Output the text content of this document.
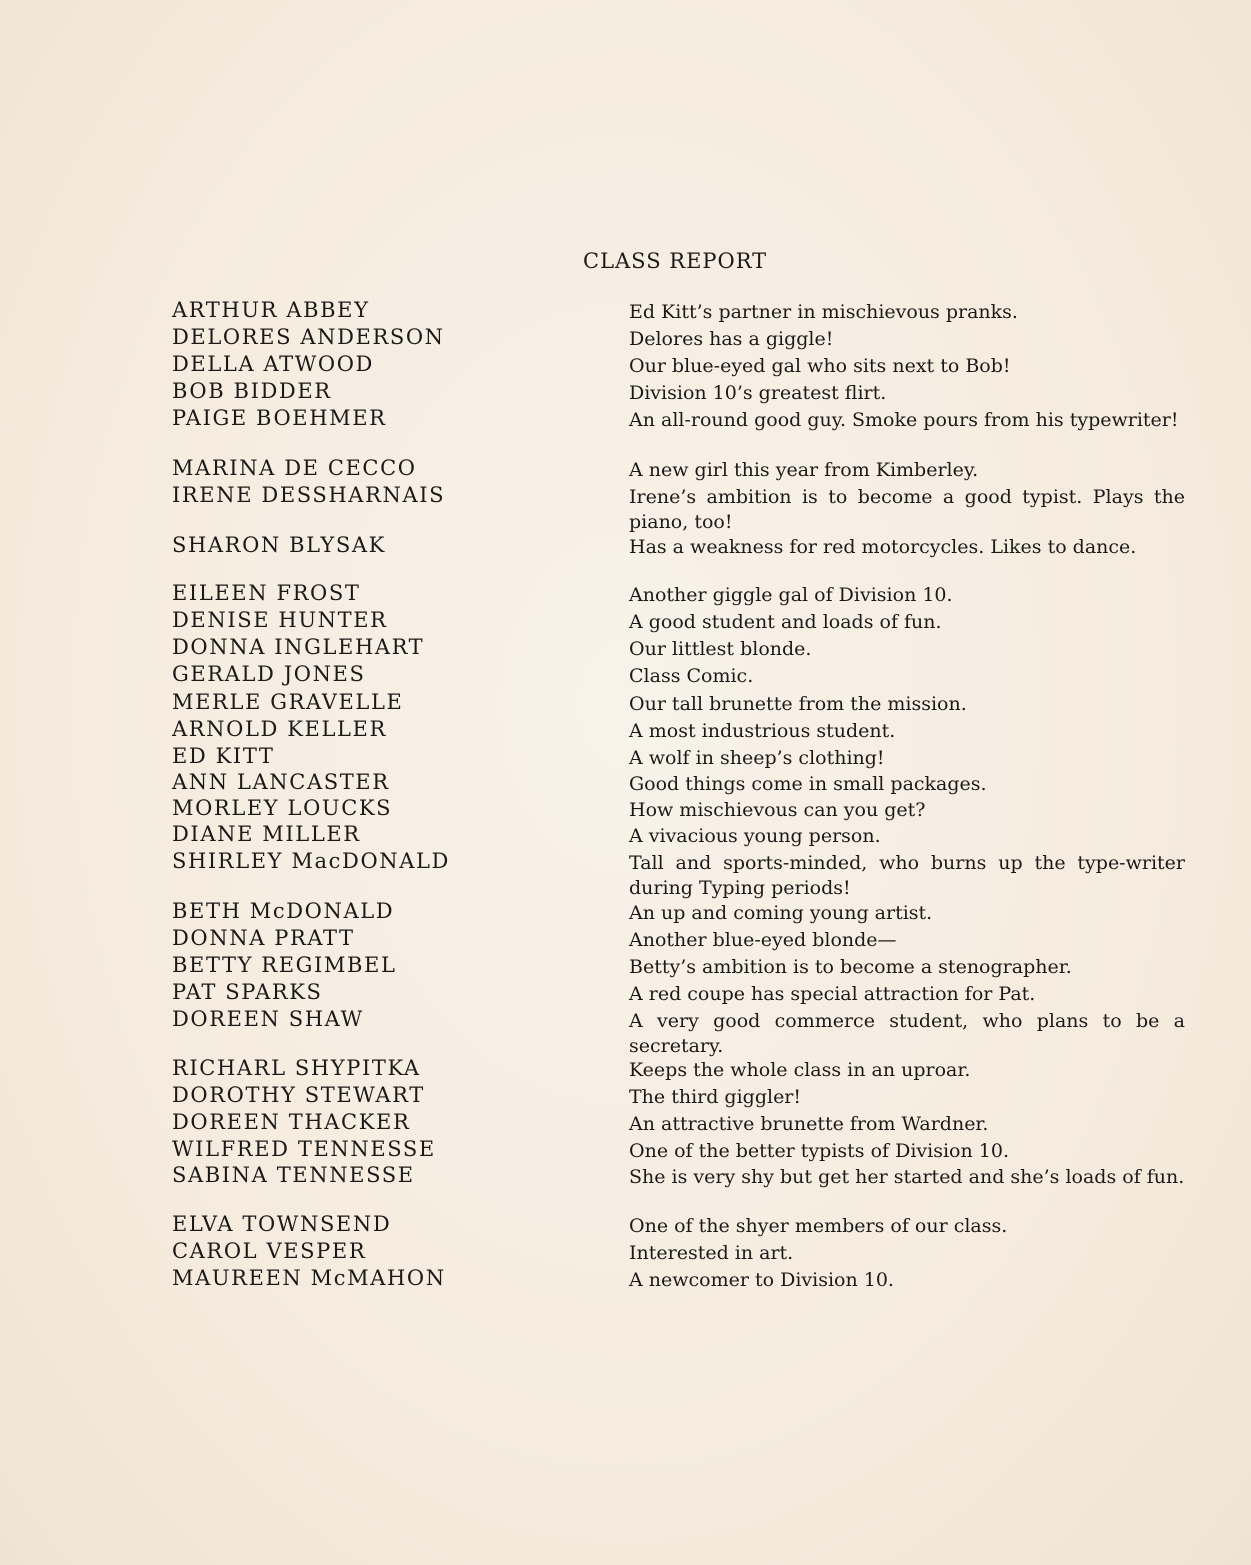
CLASS REPORT
ARTHUR ABBEY	Ed Kitt’s partner in mischievous pranks.
DELORES ANDERSON	Delores has a giggle!
DELLA ATWOOD	Our blue-eyed gal who sits next to Bob!
BOB BIDDER	Division 10’s greatest flirt.
PAIGE BOEHMER	An all-round good guy. Smoke pours from his typewriter!
MARINA DE CECCO	A new girl this year from Kimberley.
IRENE DESSHARNAIS	Irene’s ambition is to become a good typist. Plays the piano, too!
SHARON BLYSAK	Has a weakness for red motorcycles. Likes to dance.
EILEEN FROST	Another giggle gal of Division 10.
DENISE HUNTER	A good student and loads of fun.
DONNA INGLEHART	Our littlest blonde.
GERALD JONES	Class Comic.
MERLE GRAVELLE	Our tall brunette from the mission.
ARNOLD KELLER	A most industrious student.
ED KITT	A wolf in sheep’s clothing!
ANN LANCASTER	Good things come in small packages.
MORLEY LOUCKS	How mischievous can you get?
DIANE MILLER	A vivacious young person.
SHIRLEY MacDONALD	Tall and sports-minded, who burns up the type-writer during Typing periods!
BETH McDONALD	An up and coming young artist.
DONNA PRATT	Another blue-eyed blonde—
BETTY REGIMBEL	Betty’s ambition is to become a stenographer.
PAT SPARKS	A red coupe has special attraction for Pat.
DOREEN SHAW	A very good commerce student, who plans to be a secretary.
RICHARL SHYPITKA	Keeps the whole class in an uproar.
DOROTHY STEWART	The third giggler!
DOREEN THACKER	An attractive brunette from Wardner.
WILFRED TENNESSE	One of the better typists of Division 10.
SABINA TENNESSE	She is very shy but get her started and she’s loads of fun.
ELVA TOWNSEND	One of the shyer members of our class.
CAROL VESPER	Interested in art.
MAUREEN McMAHON	A newcomer to Division 10.
